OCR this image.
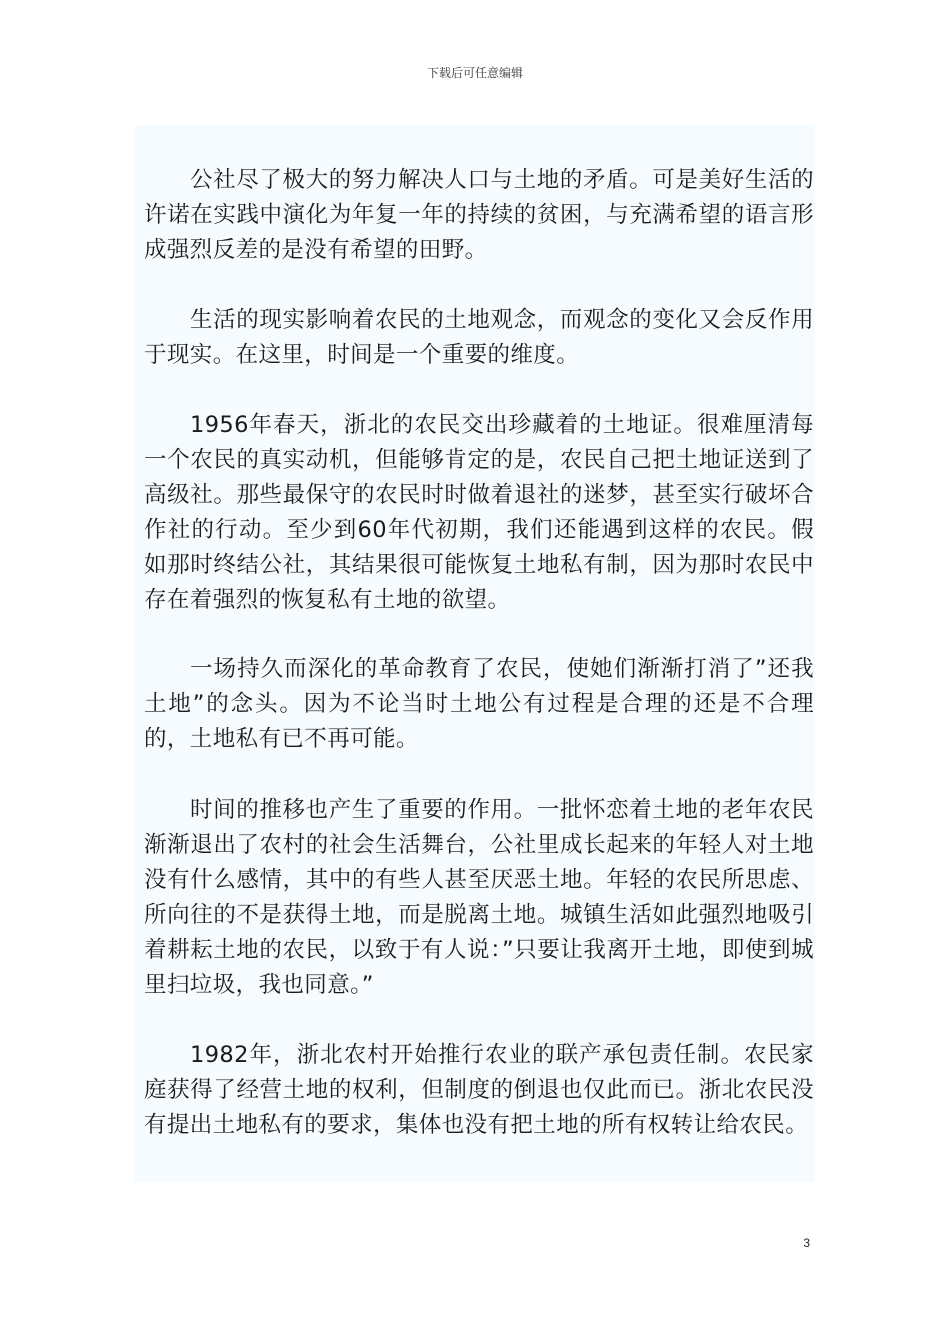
下载后可任意编辑

公社尽了极大的努力解决人口与土地的矛盾。可是美好生活的许诺在实践中演化为年复一年的持续的贫困，与充满希望的语言形成强烈反差的是没有希望的田野。

生活的现实影响着农民的土地观念，而观念的变化又会反作用于现实。在这里，时间是一个重要的维度。

1956年春天，浙北的农民交出珍藏着的土地证。很难厘清每一个农民的真实动机，但能够肯定的是，农民自己把土地证送到了高级社。那些最保守的农民时时做着退社的迷梦，甚至实行破坏合作社的行动。至少到60年代初期，我们还能遇到这样的农民。假如那时终结公社，其结果很可能恢复土地私有制，因为那时农民中存在着强烈的恢复私有土地的欲望。

一场持久而深化的革命教育了农民，使她们渐渐打消了”还我土地”的念头。因为不论当时土地公有过程是合理的还是不合理的，土地私有已不再可能。

时间的推移也产生了重要的作用。一批怀恋着土地的老年农民渐渐退出了农村的社会生活舞台，公社里成长起来的年轻人对土地没有什么感情，其中的有些人甚至厌恶土地。年轻的农民所思虑、 所向往的不是获得土地，而是脱离土地。城镇生活如此强烈地吸引着耕耘土地的农民，以致于有人说：”只要让我离开土地，即使到城里扫垃圾，我也同意。”

1982年，浙北农村开始推行农业的联产承包责任制。农民家庭获得了经营土地的权利，但制度的倒退也仅此而已。浙北农民没有提出土地私有的要求，集体也没有把土地的所有权转让给农民。

3
